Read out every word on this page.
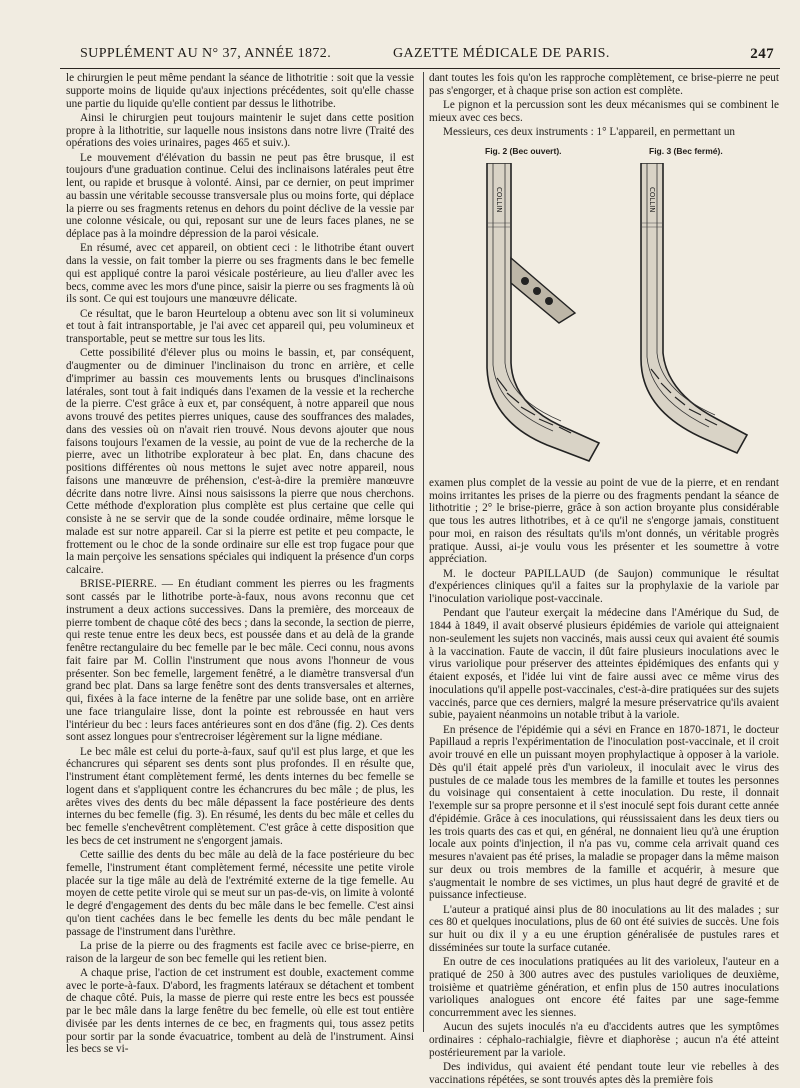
SUPPLÉMENT AU N° 37, ANNÉE 1872.	GAZETTE MÉDICALE DE PARIS.	247

le chirurgien le peut même pendant la séance de lithotritie : soit que la vessie supporte moins de liquide qu'aux injections précédentes, soit qu'elle chasse une partie du liquide qu'elle contient par dessus le lithotribe.

Ainsi le chirurgien peut toujours maintenir le sujet dans cette position propre à la lithotritie, sur laquelle nous insistons dans notre livre (Traité des opérations des voies urinaires, pages 465 et suiv.).

Le mouvement d'élévation du bassin ne peut pas être brusque, il est toujours d'une graduation continue. Celui des inclinaisons latérales peut être lent, ou rapide et brusque à volonté. Ainsi, par ce dernier, on peut imprimer au bassin une véritable secousse transversale plus ou moins forte, qui déplace la pierre ou ses fragments retenus en dehors du point déclive de la vessie par une colonne vésicale, ou qui, reposant sur une de leurs faces planes, ne se déplace pas à la moindre dépression de la paroi vésicale.

En résumé, avec cet appareil, on obtient ceci : le lithotribe étant ouvert dans la vessie, on fait tomber la pierre ou ses fragments dans le bec femelle qui est appliqué contre la paroi vésicale postérieure, au lieu d'aller avec les becs, comme avec les mors d'une pince, saisir la pierre ou ses fragments là où ils sont. Ce qui est toujours une manœuvre délicate.

Ce résultat, que le baron Heurteloup a obtenu avec son lit si volumineux et tout à fait intransportable, je l'ai avec cet appareil qui, peu volumineux et transportable, peut se mettre sur tous les lits.

Cette possibilité d'élever plus ou moins le bassin, et, par conséquent, d'augmenter ou de diminuer l'inclinaison du tronc en arrière, et celle d'imprimer au bassin ces mouvements lents ou brusques d'inclinaisons latérales, sont tout à fait indiqués dans l'examen de la vessie et la recherche de la pierre. C'est grâce à eux et, par conséquent, à notre appareil que nous avons trouvé des petites pierres uniques, cause des souffrances des malades, dans des vessies où on n'avait rien trouvé. Nous devons ajouter que nous faisons toujours l'examen de la vessie, au point de vue de la recherche de la pierre, avec un lithotribe explorateur à bec plat. En, dans chacune des positions différentes où nous mettons le sujet avec notre appareil, nous faisons une manœuvre de préhension, c'est-à-dire la première manœuvre décrite dans notre livre. Ainsi nous saisissons la pierre que nous cherchons. Cette méthode d'exploration plus complète est plus certaine que celle qui consiste à ne se servir que de la sonde coudée ordinaire, même lorsque le malade est sur notre appareil. Car si la pierre est petite et peu compacte, le frottement ou le choc de la sonde ordinaire sur elle est trop fugace pour que la main perçoive les sensations spéciales qui indiquent la présence d'un corps calcaire.

BRISE-PIERRE. — En étudiant comment les pierres ou les fragments sont cassés par le lithotribe porte-à-faux, nous avons reconnu que cet instrument a deux actions successives. Dans la première, des morceaux de pierre tombent de chaque côté des becs ; dans la seconde, la section de pierre, qui reste tenue entre les deux becs, est poussée dans et au delà de la grande fenêtre rectangulaire du bec femelle par le bec mâle. Ceci connu, nous avons fait faire par M. Collin l'instrument que nous avons l'honneur de vous présenter. Son bec femelle, largement fenêtré, a le diamètre transversal d'un grand bec plat. Dans sa large fenêtre sont des dents transversales et alternes, qui, fixées à la face interne de la fenêtre par une solide base, ont en arrière une face triangulaire lisse, dont la pointe est rebroussée en haut vers l'intérieur du bec : leurs faces antérieures sont en dos d'âne (fig. 2). Ces dents sont assez longues pour s'entrecroiser légèrement sur la ligne médiane.

Le bec mâle est celui du porte-à-faux, sauf qu'il est plus large, et que les échancrures qui séparent ses dents sont plus profondes. Il en résulte que, l'instrument étant complètement fermé, les dents internes du bec femelle se logent dans et s'appliquent contre les échancrures du bec mâle ; de plus, les arêtes vives des dents du bec mâle dépassent la face postérieure des dents internes du bec femelle (fig. 3). En résumé, les dents du bec mâle et celles du bec femelle s'enchevêtrent complètement. C'est grâce à cette disposition que les becs de cet instrument ne s'engorgent jamais.

Cette saillie des dents du bec mâle au delà de la face postérieure du bec femelle, l'instrument étant complètement fermé, nécessite une petite virole placée sur la tige mâle au delà de l'extrémité externe de la tige femelle. Au moyen de cette petite virole qui se meut sur un pas-de-vis, on limite à volonté le degré d'engagement des dents du bec mâle dans le bec femelle. C'est ainsi qu'on tient cachées dans le bec femelle les dents du bec mâle pendant le passage de l'instrument dans l'urèthre.

La prise de la pierre ou des fragments est facile avec ce brise-pierre, en raison de la largeur de son bec femelle qui les retient bien.

A chaque prise, l'action de cet instrument est double, exactement comme avec le porte-à-faux. D'abord, les fragments latéraux se détachent et tombent de chaque côté. Puis, la masse de pierre qui reste entre les becs est poussée par le bec mâle dans la large fenêtre du bec femelle, où elle est tout entière divisée par les dents internes de ce bec, en fragments qui, tous assez petits pour sortir par la sonde évacuatrice, tombent au delà de l'instrument. Ainsi les becs se vi-

dant toutes les fois qu'on les rapproche complètement, ce brise-pierre ne peut pas s'engorger, et à chaque prise son action est complète.

Le pignon et la percussion sont les deux mécanismes qui se combinent le mieux avec ces becs.

Messieurs, ces deux instruments : 1° L'appareil, en permettant un

Fig. 2 (Bec ouvert).	Fig. 3 (Bec fermé).
COLLIN	COLLIN

examen plus complet de la vessie au point de vue de la pierre, et en rendant moins irritantes les prises de la pierre ou des fragments pendant la séance de lithotritie ; 2° le brise-pierre, grâce à son action broyante plus considérable que tous les autres lithotribes, et à ce qu'il ne s'engorge jamais, constituent pour moi, en raison des résultats qu'ils m'ont donnés, un véritable progrès pratique. Aussi, ai-je voulu vous les présenter et les soumettre à votre appréciation.

M. le docteur PAPILLAUD (de Saujon) communique le résultat d'expériences cliniques qu'il a faites sur la prophylaxie de la variole par l'inoculation variolique post-vaccinale.

Pendant que l'auteur exerçait la médecine dans l'Amérique du Sud, de 1844 à 1849, il avait observé plusieurs épidémies de variole qui atteignaient non-seulement les sujets non vaccinés, mais aussi ceux qui avaient été soumis à la vaccination. Faute de vaccin, il dût faire plusieurs inoculations avec le virus variolique pour préserver des atteintes épidémiques des enfants qui y étaient exposés, et l'idée lui vint de faire aussi avec ce même virus des inoculations qu'il appelle post-vaccinales, c'est-à-dire pratiquées sur des sujets vaccinés, parce que ces derniers, malgré la mesure préservatrice qu'ils avaient subie, payaient néanmoins un notable tribut à la variole.

En présence de l'épidémie qui a sévi en France en 1870-1871, le docteur Papillaud a repris l'expérimentation de l'inoculation post-vaccinale, et il croit avoir trouvé en elle un puissant moyen prophylactique à opposer à la variole. Dès qu'il était appelé près d'un varioleux, il inoculait avec le virus des pustules de ce malade tous les membres de la famille et toutes les personnes du voisinage qui consentaient à cette inoculation. Du reste, il donnait l'exemple sur sa propre personne et il s'est inoculé sept fois durant cette année d'épidémie. Grâce à ces inoculations, qui réussissaient dans les deux tiers ou les trois quarts des cas et qui, en général, ne donnaient lieu qu'à une éruption locale aux points d'injection, il n'a pas vu, comme cela arrivait quand ces mesures n'avaient pas été prises, la maladie se propager dans la même maison sur deux ou trois membres de la famille et acquérir, à mesure que s'augmentait le nombre de ses victimes, un plus haut degré de gravité et de puissance infectieuse.

L'auteur a pratiqué ainsi plus de 80 inoculations au lit des malades ; sur ces 80 et quelques inoculations, plus de 60 ont été suivies de succès. Une fois sur huit ou dix il y a eu une éruption généralisée de pustules rares et disséminées sur toute la surface cutanée.

En outre de ces inoculations pratiquées au lit des varioleux, l'auteur en a pratiqué de 250 à 300 autres avec des pustules varioliques de deuxième, troisième et quatrième génération, et enfin plus de 150 autres inoculations varioliques analogues ont encore été faites par une sage-femme concurremment avec les siennes.

Aucun des sujets inoculés n'a eu d'accidents autres que les symptômes ordinaires : céphalo-rachialgie, fièvre et diaphorèse ; aucun n'a été atteint postérieurement par la variole.

Des individus, qui avaient été pendant toute leur vie rebelles à des vaccinations répétées, se sont trouvés aptes dès la première fois
